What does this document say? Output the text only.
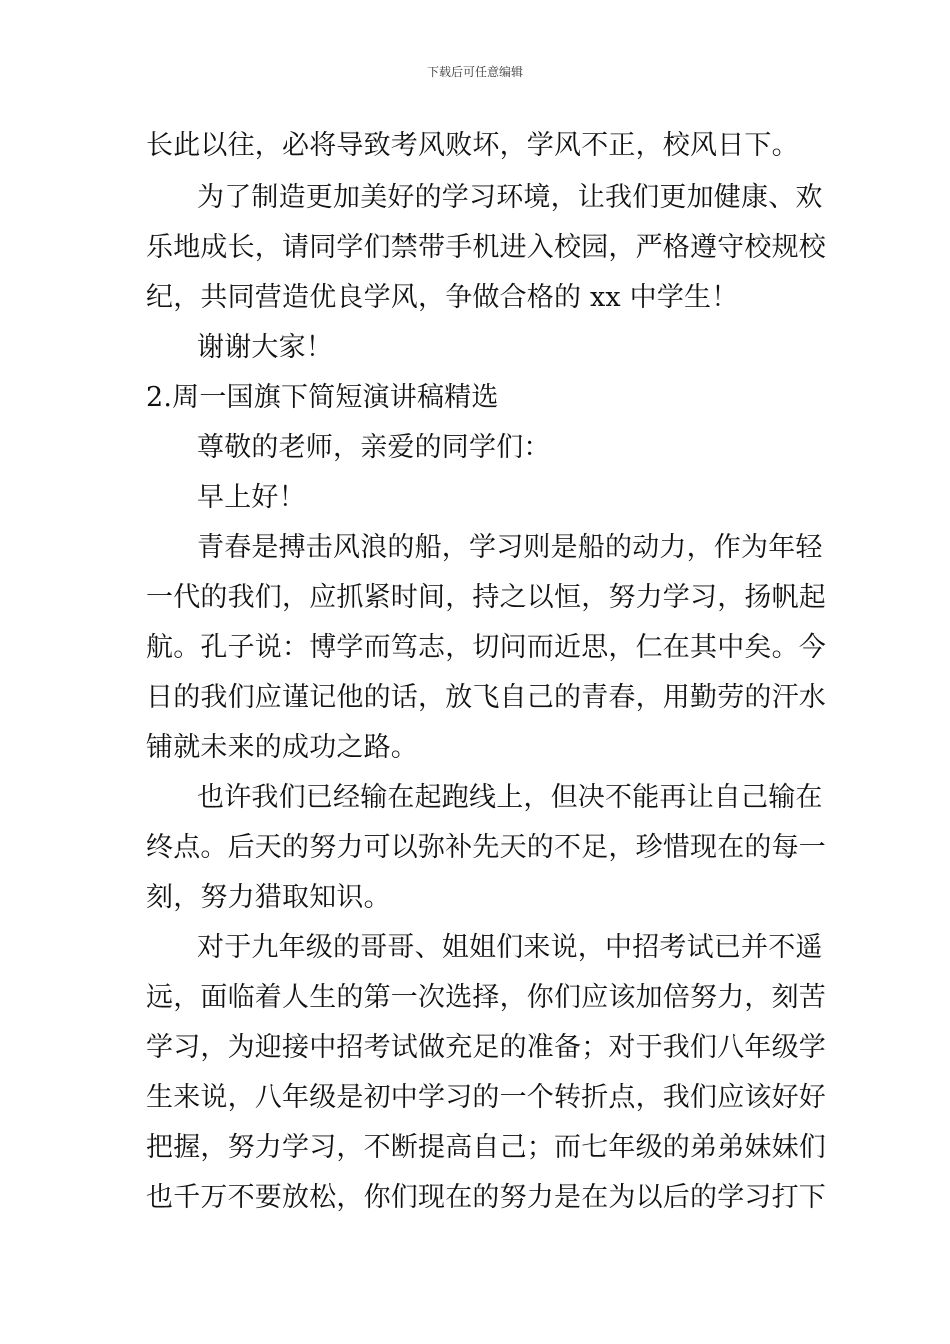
下载后可任意编辑
长此以往，必将导致考风败坏，学风不正，校风日下。
为了制造更加美好的学习环境，让我们更加健康、欢
乐地成长，请同学们禁带手机进入校园，严格遵守校规校
纪，共同营造优良学风，争做合格的 xx 中学生！
谢谢大家！
2.周一国旗下简短演讲稿精选
尊敬的老师，亲爱的同学们：
早上好！
青春是搏击风浪的船，学习则是船的动力，作为年轻
一代的我们，应抓紧时间，持之以恒，努力学习，扬帆起
航。孔子说：博学而笃志，切问而近思，仁在其中矣。今
日的我们应谨记他的话，放飞自己的青春，用勤劳的汗水
铺就未来的成功之路。
也许我们已经输在起跑线上，但决不能再让自己输在
终点。后天的努力可以弥补先天的不足，珍惜现在的每一
刻，努力猎取知识。
对于九年级的哥哥、姐姐们来说，中招考试已并不遥
远，面临着人生的第一次选择，你们应该加倍努力，刻苦
学习，为迎接中招考试做充足的准备；对于我们八年级学
生来说，八年级是初中学习的一个转折点，我们应该好好
把握，努力学习，不断提高自己；而七年级的弟弟妹妹们
也千万不要放松，你们现在的努力是在为以后的学习打下
